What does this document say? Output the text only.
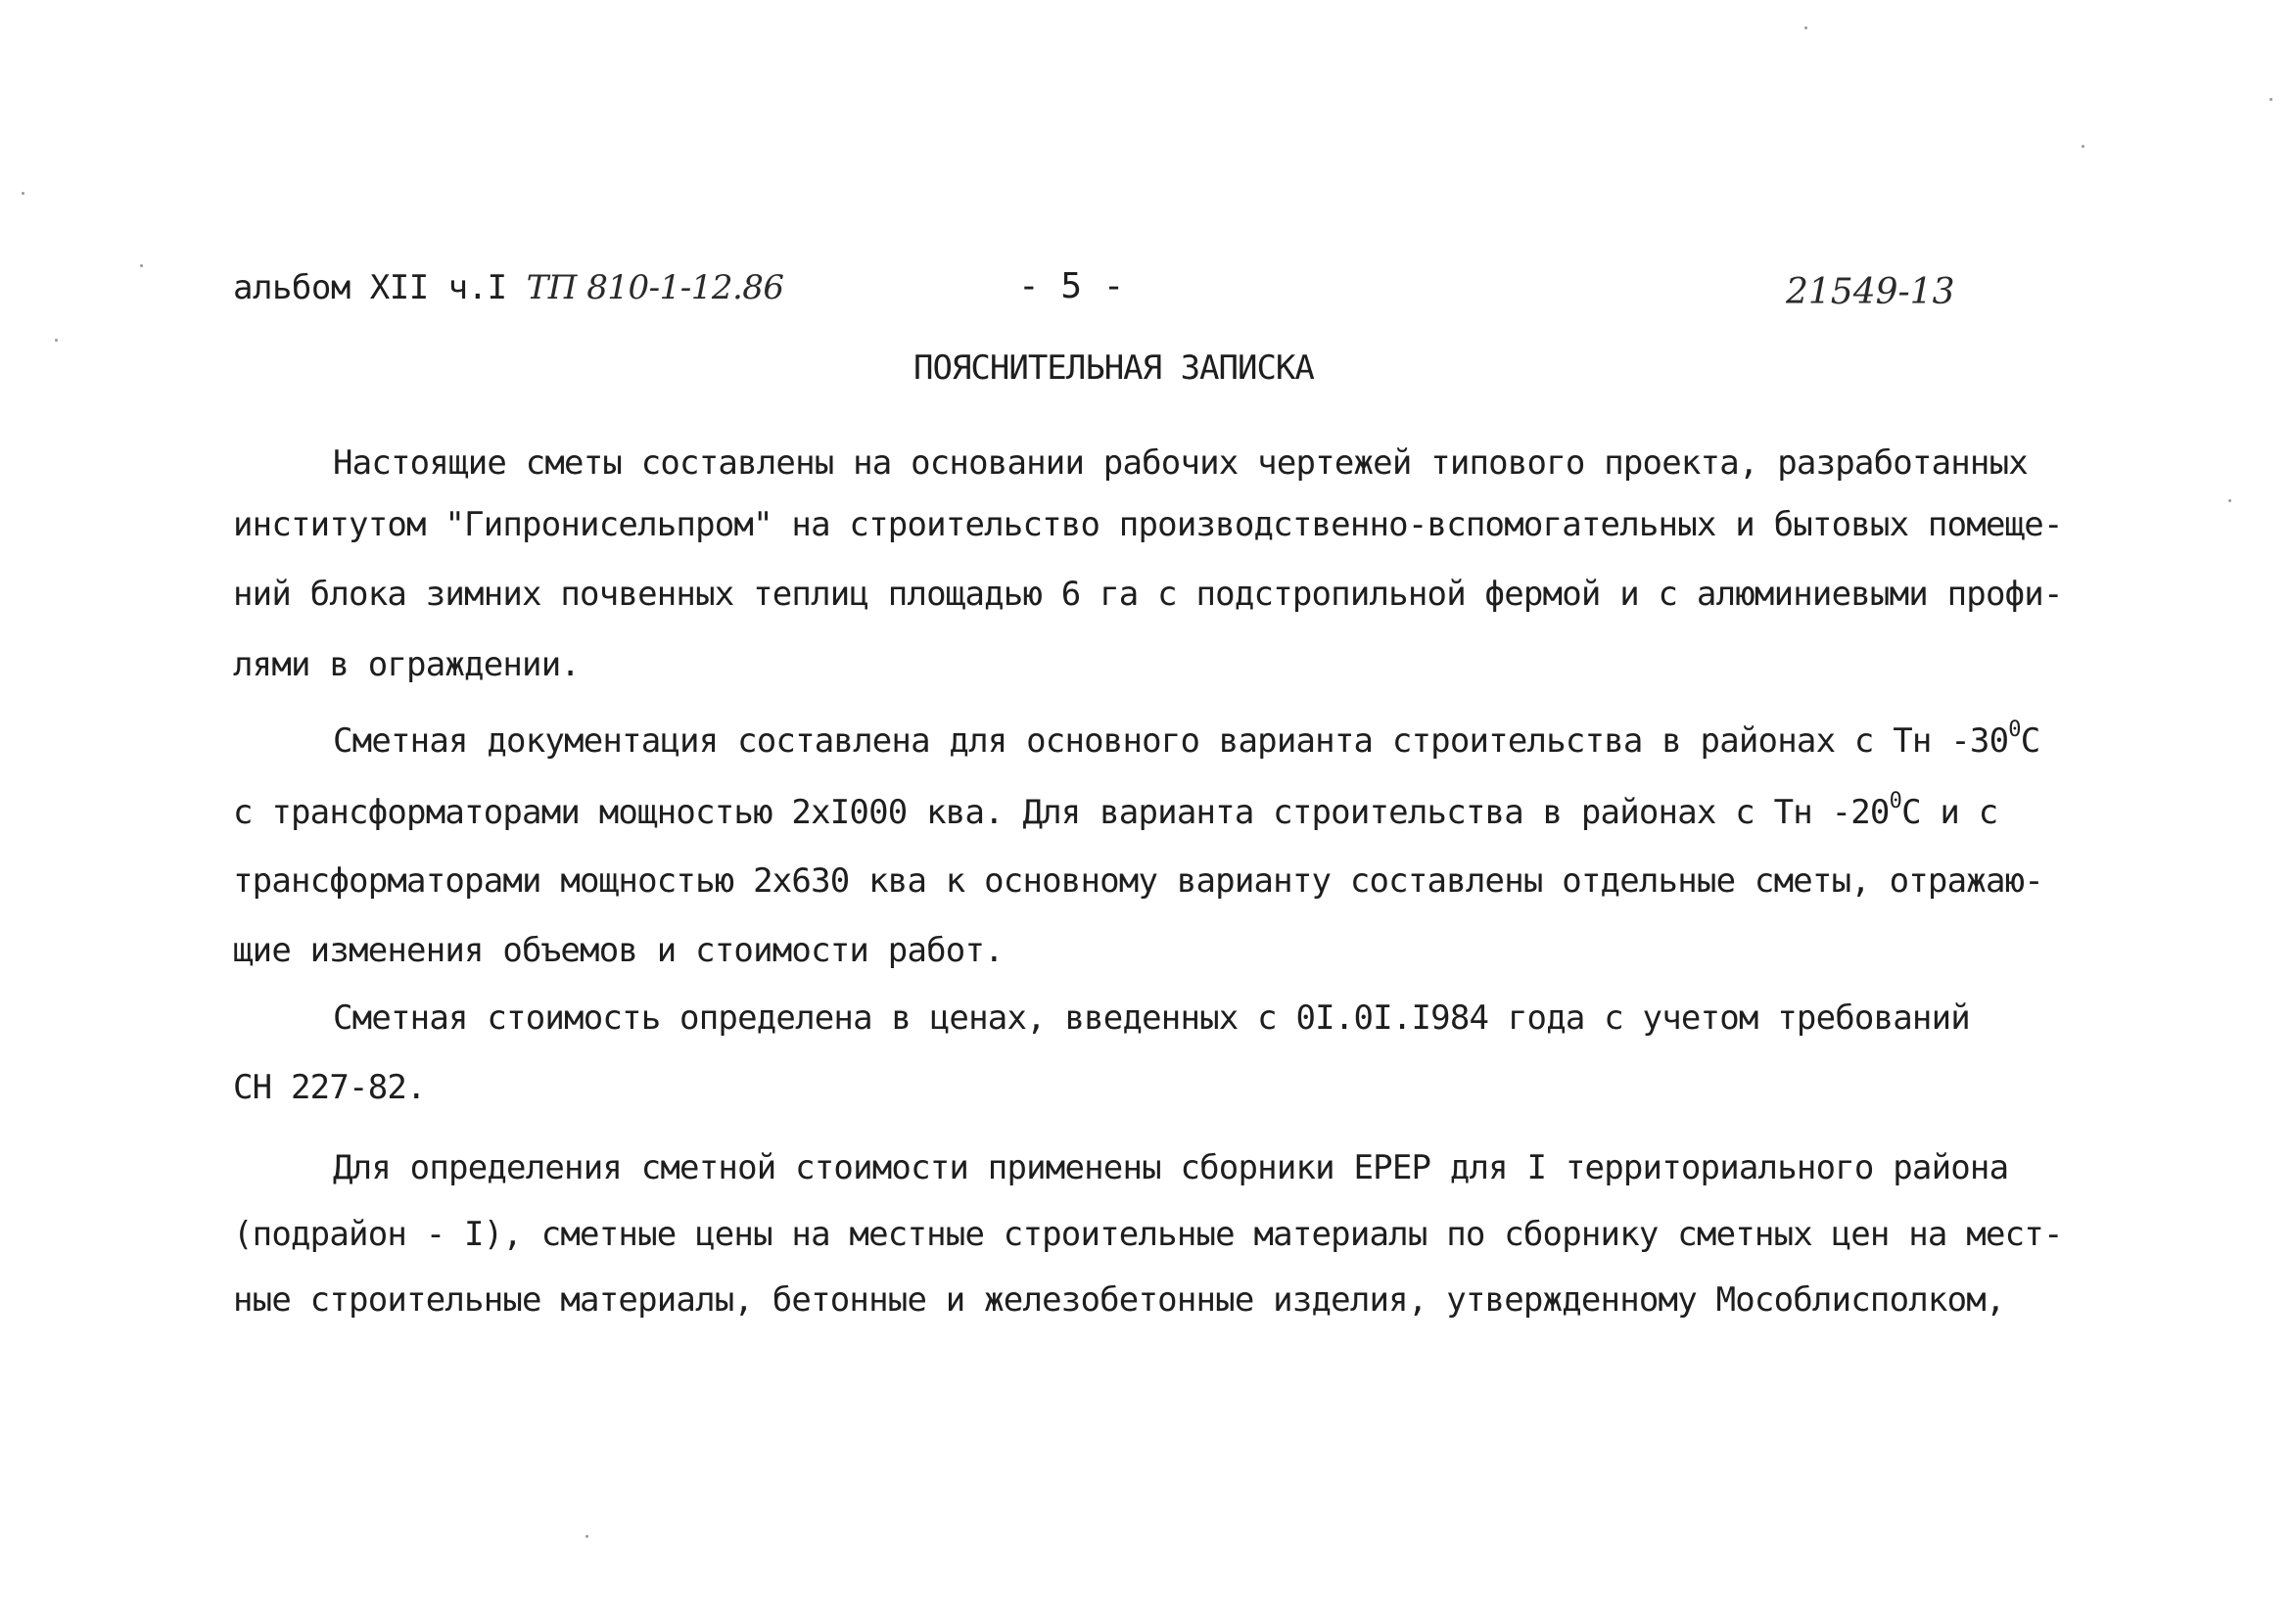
альбом XII ч.I ТП 810-1-12.86	- 5 -	21549-13
ПОЯСНИТЕЛЬНАЯ ЗАПИСКА
Настоящие сметы составлены на основании рабочих чертежей типового проекта, разработанных
институтом "Гипронисельпром" на строительство производственно-вспомогательных и бытовых помеще-
ний блока зимних почвенных теплиц площадью 6 га с подстропильной фермой и с алюминиевыми профи-
лями в ограждении.
Сметная документация составлена для основного варианта строительства в районах с Тн $-30^0С$
с трансформаторами мощностью 2хI000 ква. Для варианта строительства в районах с Тн $-20^0С$ и с
трансформаторами мощностью 2х630 ква к основному варианту составлены отдельные сметы, отражаю-
щие изменения объемов и стоимости работ.
Сметная стоимость определена в ценах, введенных с 0I.0I.I984 года с учетом требований
СН 227-82.
Для определения сметной стоимости применены сборники ЕРЕР для I территориального района
(подрайон - I), сметные цены на местные строительные материалы по сборнику сметных цен на мест-
ные строительные материалы, бетонные и железобетонные изделия, утвержденному Мособлисполком,
